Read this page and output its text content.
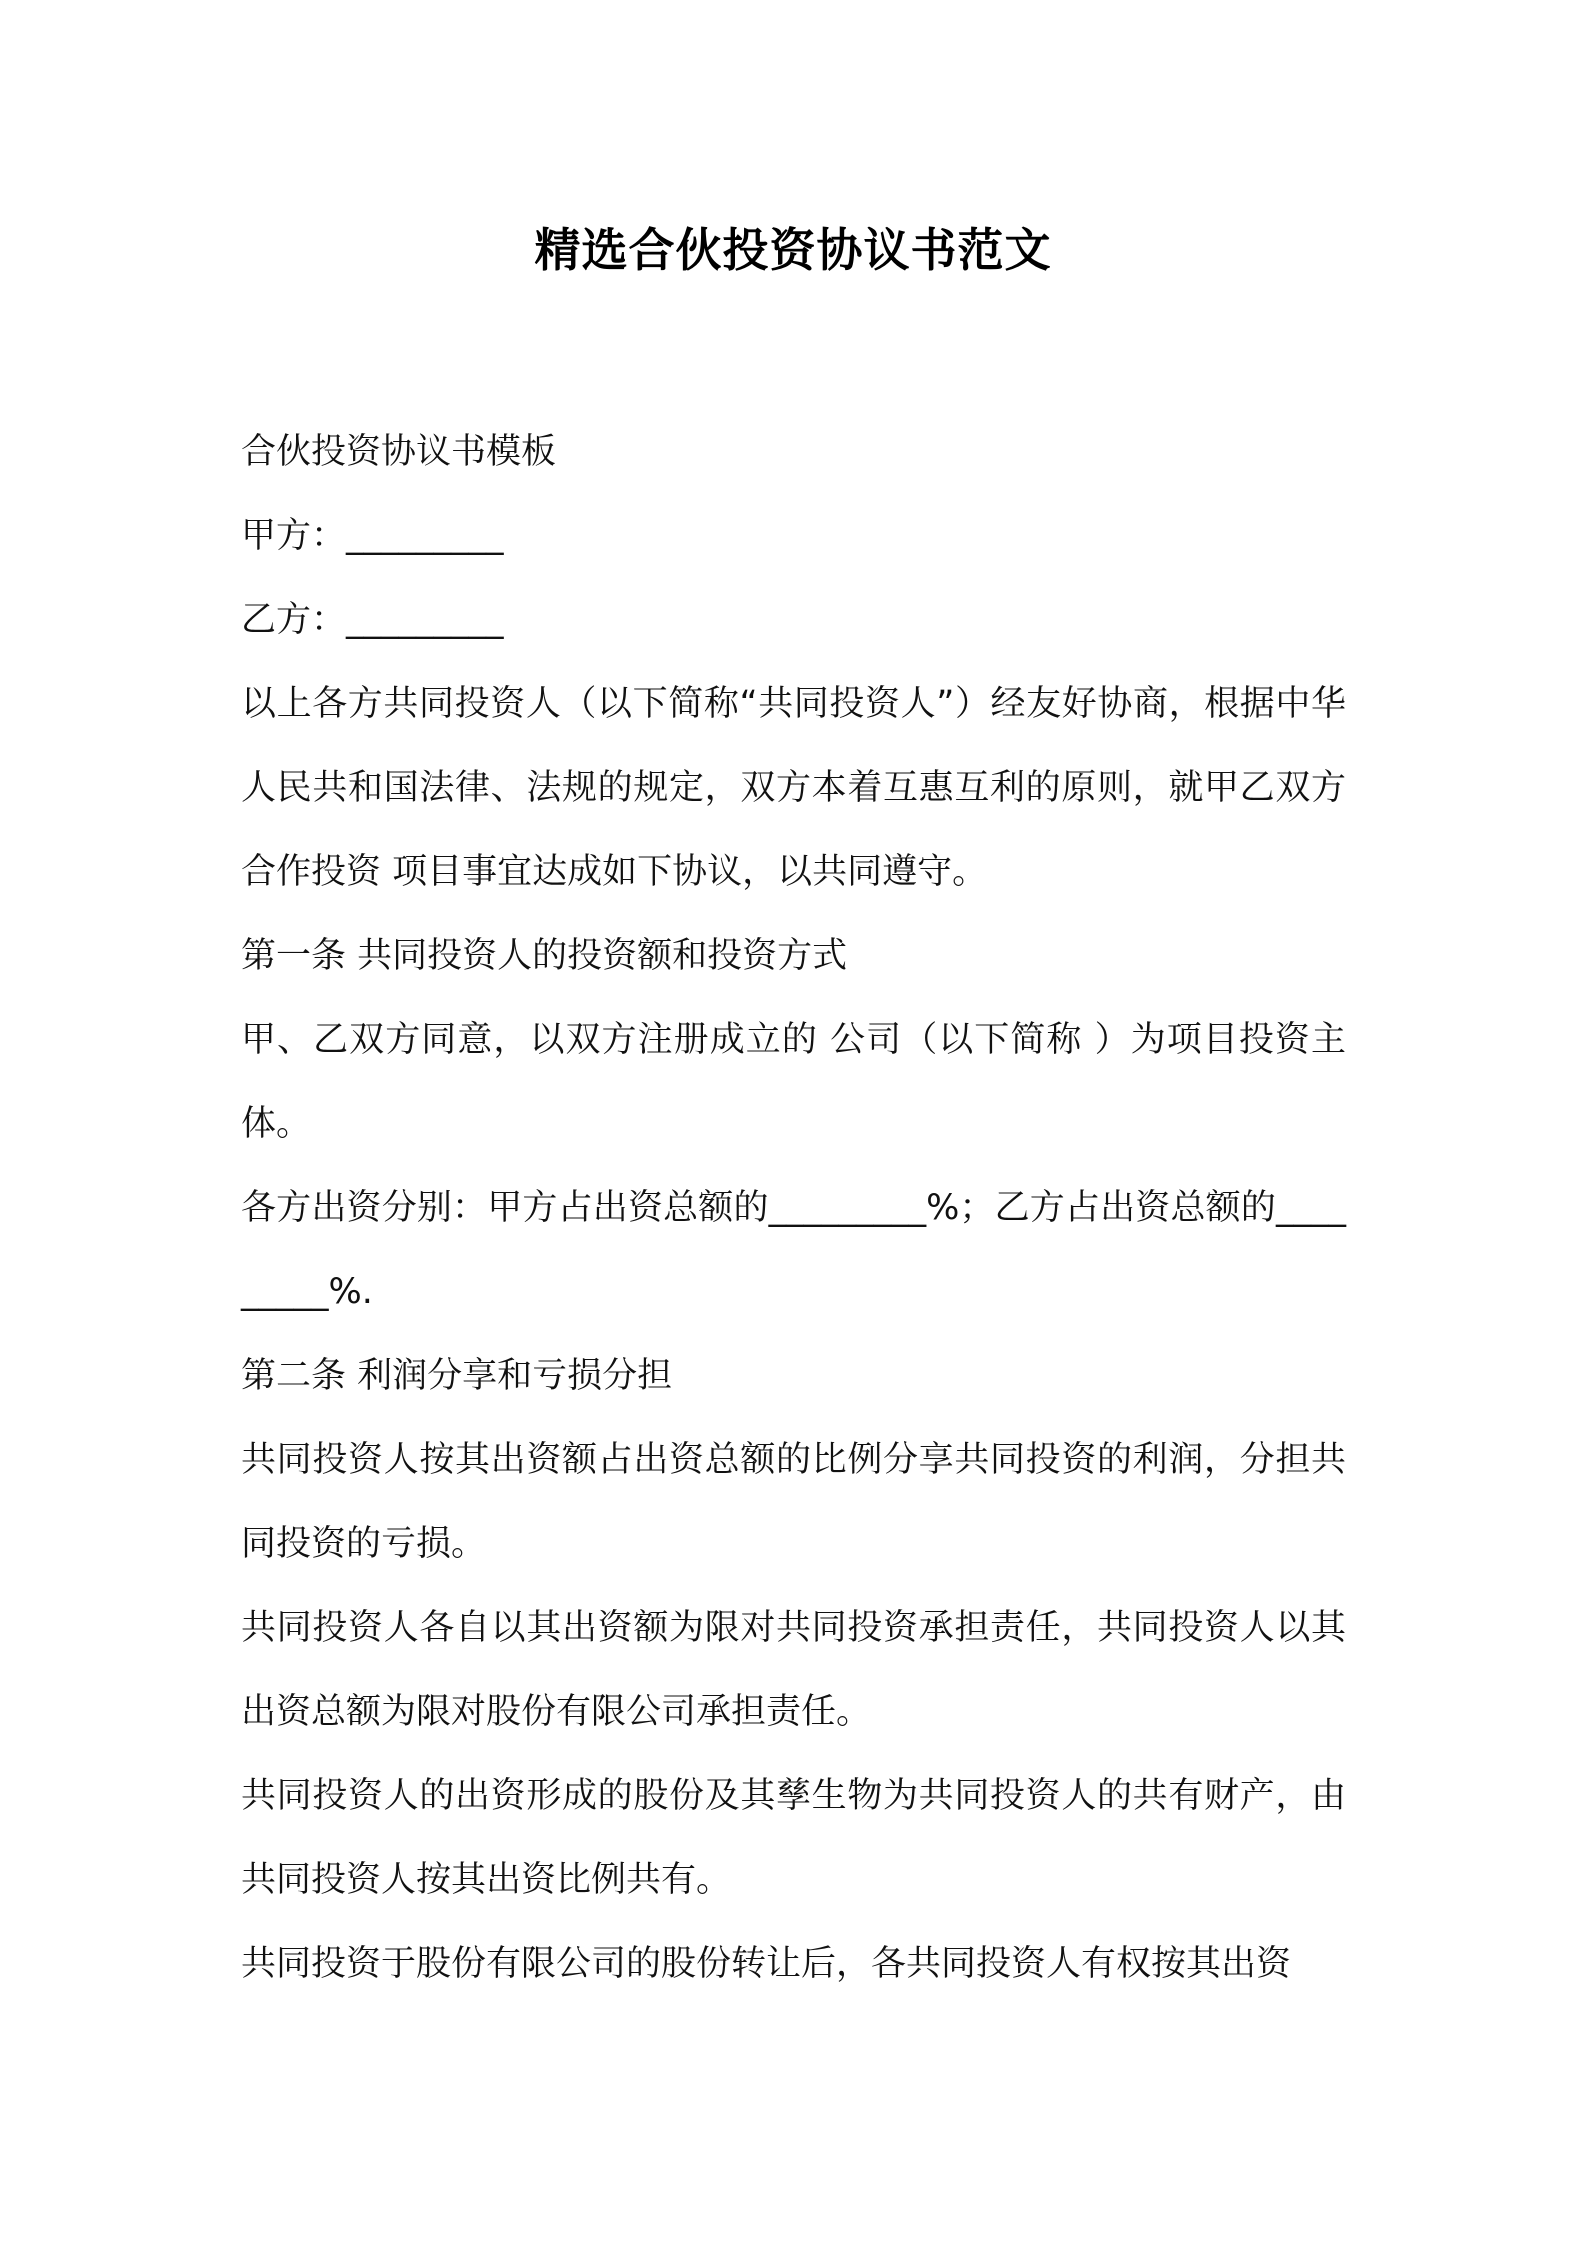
精选合伙投资协议书范文

合伙投资协议书模板

甲方：_________

乙方：_________

以上各方共同投资人（以下简称“共同投资人”）经友好协商，根据中华人民共和国法律、法规的规定，双方本着互惠互利的原则，就甲乙双方合作投资 项目事宜达成如下协议，以共同遵守。

第一条 共同投资人的投资额和投资方式

甲、乙双方同意，以双方注册成立的 公司（以下简称 ）为项目投资主体。

各方出资分别：甲方占出资总额的_________%；乙方占出资总额的_________%.

第二条 利润分享和亏损分担

共同投资人按其出资额占出资总额的比例分享共同投资的利润，分担共同投资的亏损。

共同投资人各自以其出资额为限对共同投资承担责任，共同投资人以其出资总额为限对股份有限公司承担责任。

共同投资人的出资形成的股份及其孳生物为共同投资人的共有财产，由共同投资人按其出资比例共有。

共同投资于股份有限公司的股份转让后，各共同投资人有权按其出资
